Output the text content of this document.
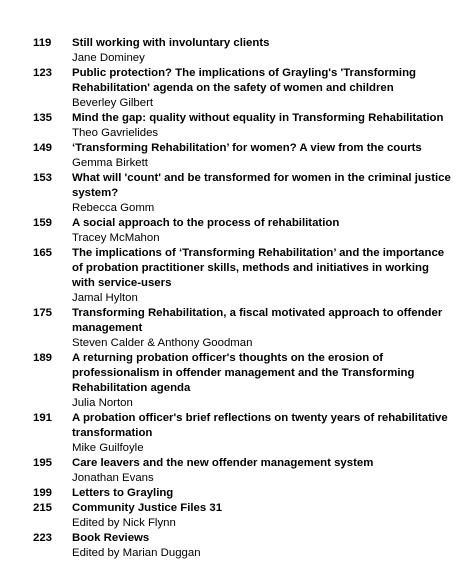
119	Still working with involuntary clients
Jane Dominey
123	Public protection? The implications of Grayling's 'Transforming Rehabilitation' agenda on the safety of women and children
Beverley Gilbert
135	Mind the gap: quality without equality in Transforming Rehabilitation
Theo Gavrielides
149	‘Transforming Rehabilitation’ for women? A view from the courts
Gemma Birkett
153	What will 'count' and be transformed for women in the criminal justice system?
Rebecca Gomm
159	A social approach to the process of rehabilitation
Tracey McMahon
165	The implications of ‘Transforming Rehabilitation’ and the importance of probation practitioner skills, methods and initiatives in working with service-users
Jamal Hylton
175	Transforming Rehabilitation, a fiscal motivated approach to offender management
Steven Calder & Anthony Goodman
189	A returning probation officer's thoughts on the erosion of professionalism in offender management and the Transforming Rehabilitation agenda
Julia Norton
191	A probation officer's brief reflections on twenty years of rehabilitative transformation
Mike Guilfoyle
195	Care leavers and the new offender management system
Jonathan Evans
199	Letters to Grayling
215	Community Justice Files 31
Edited by Nick Flynn
223	Book Reviews
Edited by Marian Duggan
